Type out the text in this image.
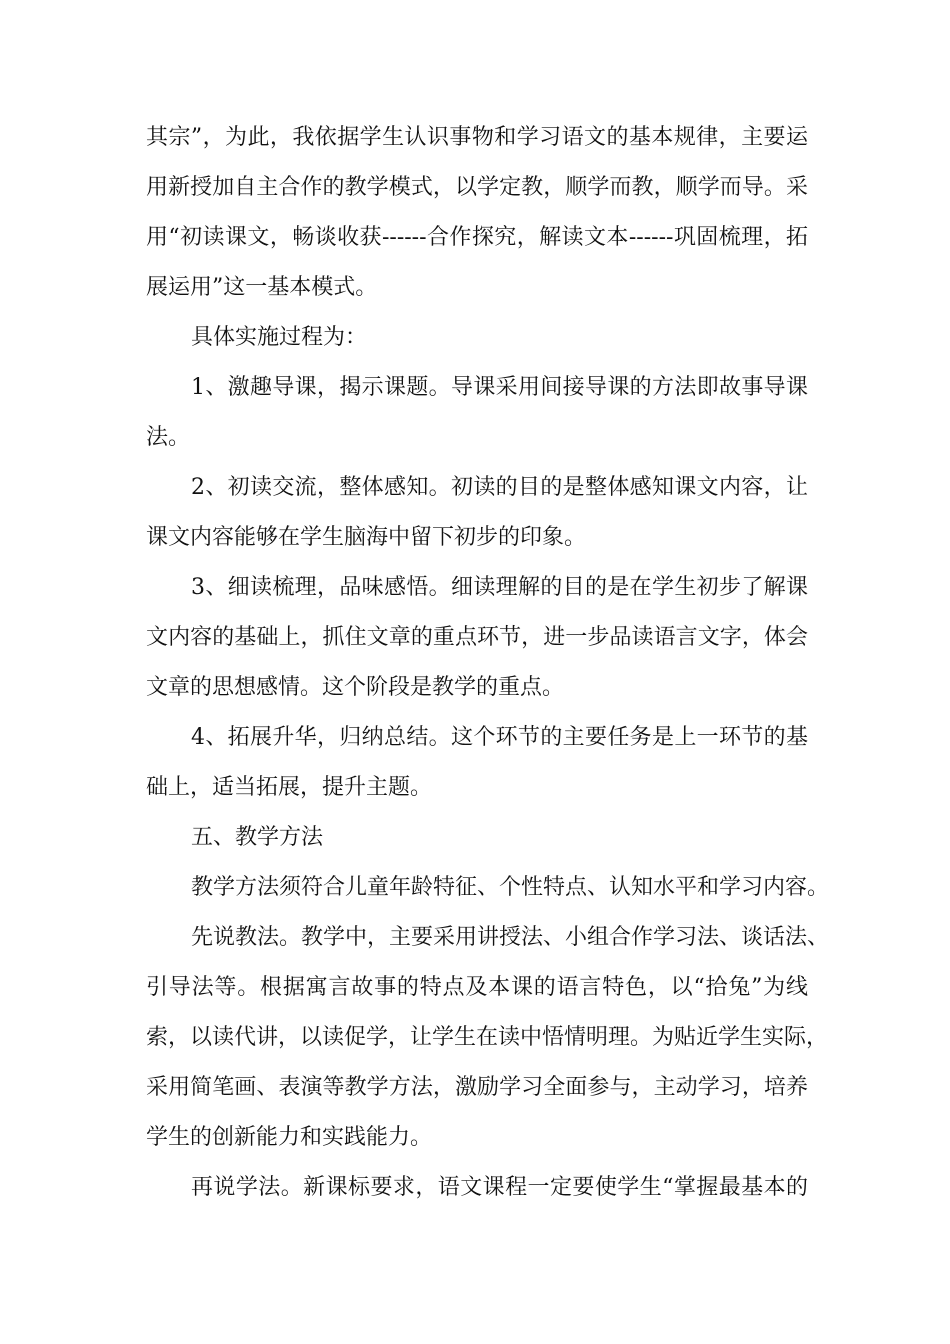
其宗”，为此，我依据学生认识事物和学习语文的基本规律，主要运
用新授加自主合作的教学模式，以学定教，顺学而教，顺学而导。采
用“初读课文，畅谈收获------合作探究，解读文本------巩固梳理，拓
展运用”这一基本模式。
具体实施过程为：
1、激趣导课，揭示课题。导课采用间接导课的方法即故事导课
法。
2、初读交流，整体感知。初读的目的是整体感知课文内容，让
课文内容能够在学生脑海中留下初步的印象。
3、细读梳理，品味感悟。细读理解的目的是在学生初步了解课
文内容的基础上，抓住文章的重点环节，进一步品读语言文字，体会
文章的思想感情。这个阶段是教学的重点。
4、拓展升华，归纳总结。这个环节的主要任务是上一环节的基
础上，适当拓展，提升主题。
五、教学方法
教学方法须符合儿童年龄特征、个性特点、认知水平和学习内容。
先说教法。教学中，主要采用讲授法、小组合作学习法、谈话法、
引导法等。根据寓言故事的特点及本课的语言特色，以“拾兔”为线
索，以读代讲，以读促学，让学生在读中悟情明理。为贴近学生实际，
采用简笔画、表演等教学方法，激励学习全面参与，主动学习，培养
学生的创新能力和实践能力。
再说学法。新课标要求，语文课程一定要使学生“掌握最基本的
